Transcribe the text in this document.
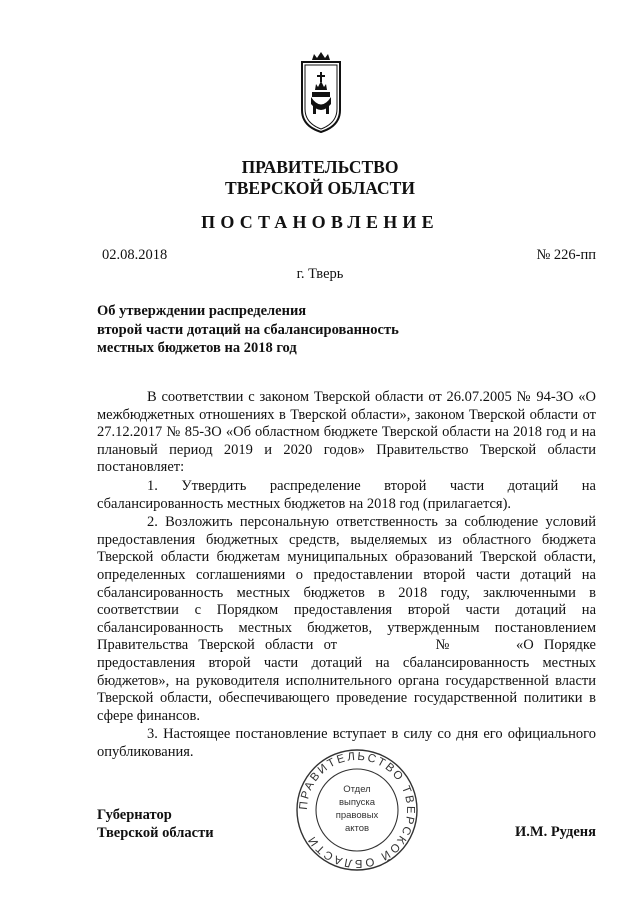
ПРАВИТЕЛЬСТВО
ТВЕРСКОЙ ОБЛАСТИ
ПОСТАНОВЛЕНИЕ
02.08.2018	№ 226-пп
г. Тверь
Об утверждении распределения
второй части дотаций на сбалансированность
местных бюджетов на 2018 год

В соответствии с законом Тверской области от 26.07.2005 № 94-ЗО «О межбюджетных отношениях в Тверской области», законом Тверской области от 27.12.2017 № 85-ЗО «Об областном бюджете Тверской области на 2018 год и на плановый период 2019 и 2020 годов» Правительство Тверской области постановляет:

1. Утвердить распределение второй части дотаций на сбалансированность местных бюджетов на 2018 год (прилагается).

2. Возложить персональную ответственность за соблюдение условий предоставления бюджетных средств, выделяемых из областного бюджета Тверской области бюджетам муниципальных образований Тверской области, определенных соглашениями о предоставлении второй части дотаций на сбалансированность местных бюджетов в 2018 году, заключенными в соответствии с Порядком предоставления второй части дотаций на сбалансированность местных бюджетов, утвержденным постановлением Правительства Тверской области от	№	«О Порядке предоставления второй части дотаций на сбалансированность местных бюджетов», на руководителя исполнительного органа государственной власти Тверской области, обеспечивающего проведение государственной политики в сфере финансов.

3. Настоящее постановление вступает в силу со дня его официального опубликования.

ПРАВИТЕЛЬСТВО ТВЕРСКОЙ ОБЛАСТИ
Отдел
выпуска
правовых
актов
Губернатор
Тверской области	И.М. Руденя
